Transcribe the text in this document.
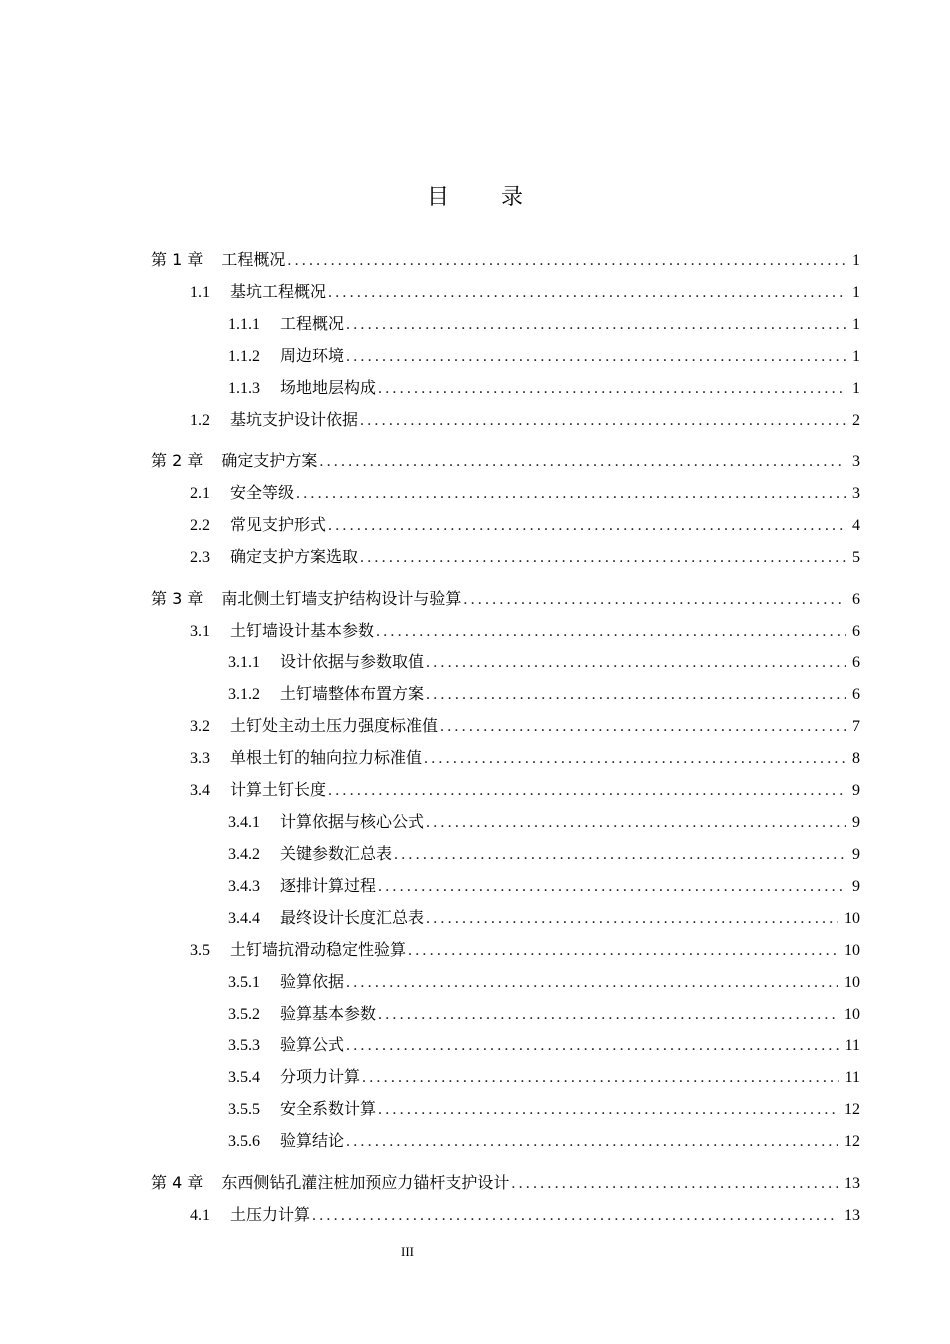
目 录
第 1 章 工程概况 .....	1
1.1 基坑工程概况 .....	1
1.1.1 工程概况 .....	1
1.1.2 周边环境 .....	1
1.1.3 场地地层构成 .....	1
1.2 基坑支护设计依据 .....	2
第 2 章 确定支护方案 .....	3
2.1 安全等级 .....	3
2.2 常见支护形式 .....	4
2.3 确定支护方案选取 .....	5
第 3 章 南北侧土钉墙支护结构设计与验算 .....	6
3.1 土钉墙设计基本参数 .....	6
3.1.1 设计依据与参数取值 .....	6
3.1.2 土钉墙整体布置方案 .....	6
3.2 土钉处主动土压力强度标准值 .....	7
3.3 单根土钉的轴向拉力标准值 .....	8
3.4 计算土钉长度 .....	9
3.4.1 计算依据与核心公式 .....	9
3.4.2 关键参数汇总表 .....	9
3.4.3 逐排计算过程 .....	9
3.4.4 最终设计长度汇总表 .....	10
3.5 土钉墙抗滑动稳定性验算 .....	10
3.5.1 验算依据 .....	10
3.5.2 验算基本参数 .....	10
3.5.3 验算公式 .....	11
3.5.4 分项力计算 .....	11
3.5.5 安全系数计算 .....	12
3.5.6 验算结论 .....	12
第 4 章 东西侧钻孔灌注桩加预应力锚杆支护设计 .....	13
4.1 土压力计算 .....	13
III
